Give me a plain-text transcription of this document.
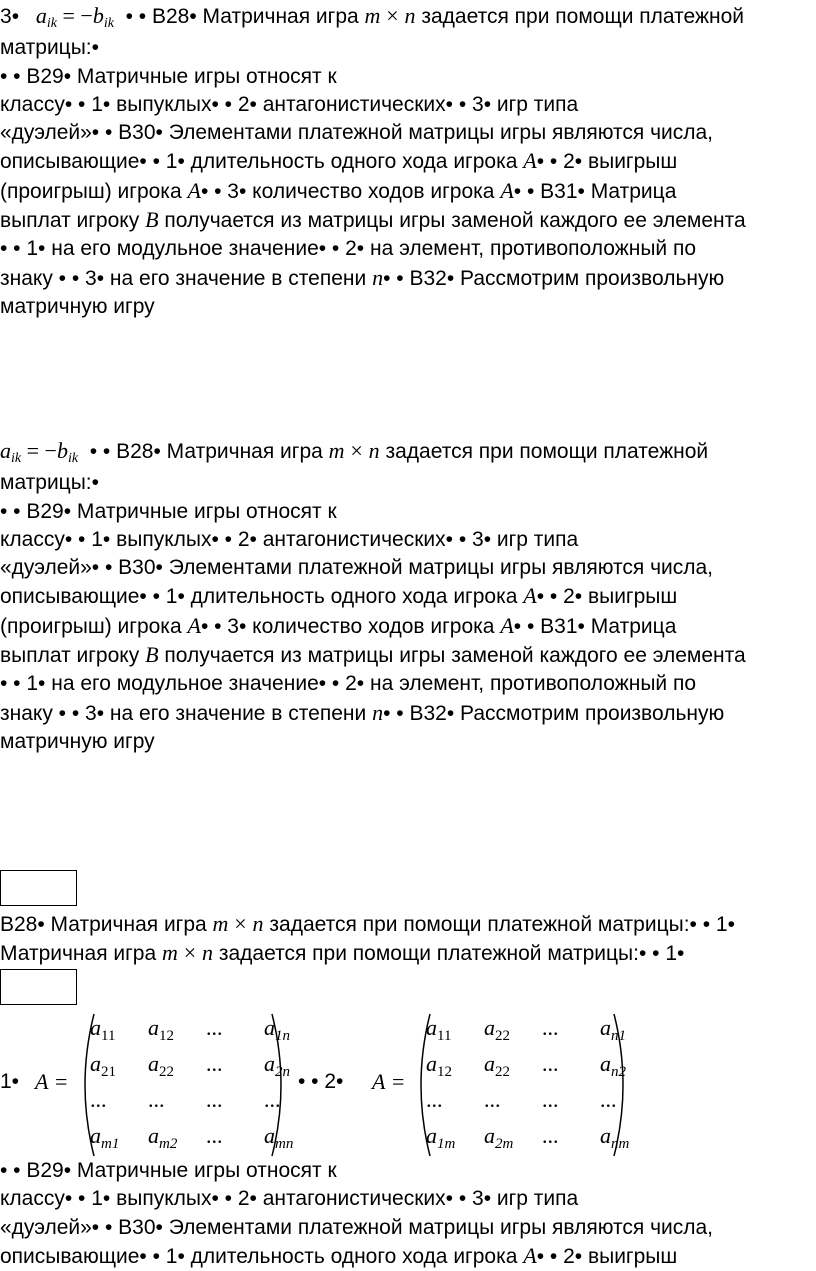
3•   aik = −bik • • В28• Матричная игра m × n задается при помощи платежной

матрицы:•

• • В29• Матричные игры относят к

классу• • 1• выпуклых• • 2• антагонистических• • 3• игр типа

«дуэлей»• • В30• Элементами платежной матрицы игры являются числа,

описывающие• • 1• длительность одного хода игрока A• • 2• выигрыш

(проигрыш) игрока A• • 3• количество ходов игрока A• • В31• Матрица

выплат игроку B получается из матрицы игры заменой каждого ее элемента

• • 1• на его модульное значение• • 2• на элемент, противоположный по

знаку • • 3• на его значение в степени n• • В32• Рассмотрим произвольную

матричную игру

aik = −bik • • В28• Матричная игра m × n задается при помощи платежной

матрицы:•

• • В29• Матричные игры относят к

классу• • 1• выпуклых• • 2• антагонистических• • 3• игр типа

«дуэлей»• • В30• Элементами платежной матрицы игры являются числа,

описывающие• • 1• длительность одного хода игрока A• • 2• выигрыш

(проигрыш) игрока A• • 3• количество ходов игрока A• • В31• Матрица

выплат игроку B получается из матрицы игры заменой каждого ее элемента

• • 1• на его модульное значение• • 2• на элемент, противоположный по

знаку • • 3• на его значение в степени n• • В32• Рассмотрим произвольную

матричную игру

В28• Матричная игра m × n задается при помощи платежной матрицы:• • 1•

Матричная игра m × n задается при помощи платежной матрицы:• • 1•

1• A =
$a_{11}$ $a_{12}$ ... $a_{1n}$
$a_{21}$ $a_{22}$ ... $a_{2n}$
... ... ... ...
$a_{m1}$ $a_{m2}$ ... $a_{mn}$
• • 2• A =
$a_{11}$ $a_{22}$ ... $a_{n1}$
$a_{12}$ $a_{22}$ ... $a_{n2}$
... ... ... ...
$a_{1m}$ $a_{2m}$ ... $a_{nm}$

• • В29• Матричные игры относят к

классу• • 1• выпуклых• • 2• антагонистических• • 3• игр типа

«дуэлей»• • В30• Элементами платежной матрицы игры являются числа,

описывающие• • 1• длительность одного хода игрока A• • 2• выигрыш
